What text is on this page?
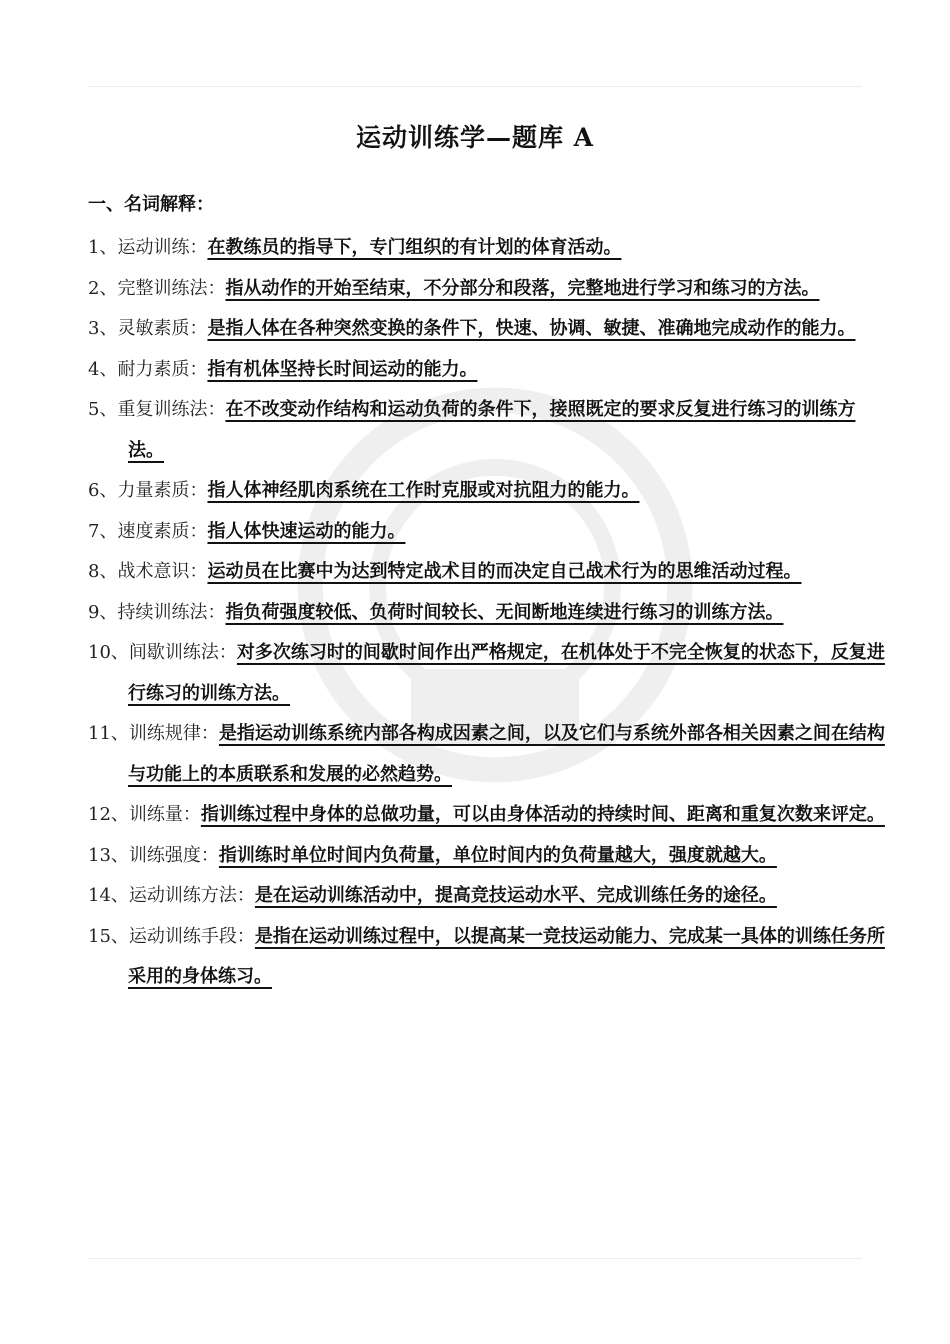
运动训练学—题库 A
一、名词解释：

1、运动训练：在教练员的指导下，专门组织的有计划的体育活动。

2、完整训练法：指从动作的开始至结束，不分部分和段落，完整地进行学习和练习的方法。

3、灵敏素质：是指人体在各种突然变换的条件下，快速、协调、敏捷、准确地完成动作的能力。

4、耐力素质：指有机体坚持长时间运动的能力。

5、重复训练法：在不改变动作结构和运动负荷的条件下，接照既定的要求反复进行练习的训练方法。

6、力量素质：指人体神经肌肉系统在工作时克服或对抗阻力的能力。

7、速度素质：指人体快速运动的能力。

8、战术意识：运动员在比赛中为达到特定战术目的而决定自己战术行为的思维活动过程。

9、持续训练法：指负荷强度较低、负荷时间较长、无间断地连续进行练习的训练方法。

10、间歇训练法：对多次练习时的间歇时间作出严格规定，在机体处于不完全恢复的状态下，反复进行练习的训练方法。

11、训练规律：是指运动训练系统内部各构成因素之间，以及它们与系统外部各相关因素之间在结构与功能上的本质联系和发展的必然趋势。

12、训练量：指训练过程中身体的总做功量，可以由身体活动的持续时间、距离和重复次数来评定。

13、训练强度：指训练时单位时间内负荷量，单位时间内的负荷量越大，强度就越大。

14、运动训练方法：是在运动训练活动中，提高竞技运动水平、完成训练任务的途径。

15、运动训练手段：是指在运动训练过程中，以提高某一竞技运动能力、完成某一具体的训练任务所采用的身体练习。
